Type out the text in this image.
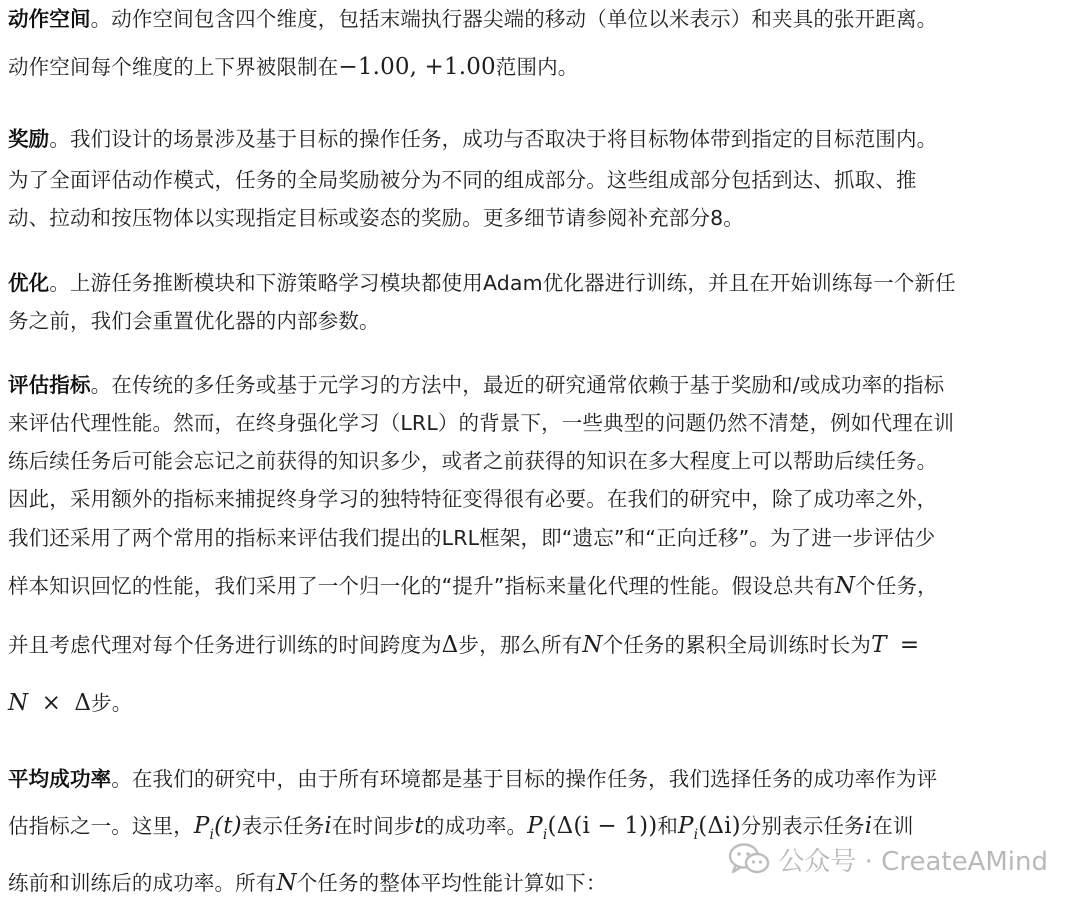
动作空间。动作空间包含四个维度，包括末端执行器尖端的移动（单位以米表示）和夹具的张开距离。
动作空间每个维度的上下界被限制在−1.00, +1.00范围内。
奖励。我们设计的场景涉及基于目标的操作任务，成功与否取决于将目标物体带到指定的目标范围内。
为了全面评估动作模式，任务的全局奖励被分为不同的组成部分。这些组成部分包括到达、抓取、推
动、拉动和按压物体以实现指定目标或姿态的奖励。更多细节请参阅补充部分8。
优化。上游任务推断模块和下游策略学习模块都使用Adam优化器进行训练，并且在开始训练每一个新任
务之前，我们会重置优化器的内部参数。
评估指标。在传统的多任务或基于元学习的方法中，最近的研究通常依赖于基于奖励和/或成功率的指标
来评估代理性能。然而，在终身强化学习（LRL）的背景下，一些典型的问题仍然不清楚，例如代理在训
练后续任务后可能会忘记之前获得的知识多少，或者之前获得的知识在多大程度上可以帮助后续任务。
因此，采用额外的指标来捕捉终身学习的独特特征变得很有必要。在我们的研究中，除了成功率之外，
我们还采用了两个常用的指标来评估我们提出的LRL框架，即“遗忘”和“正向迁移”。为了进一步评估少
样本知识回忆的性能，我们采用了一个归一化的“提升”指标来量化代理的性能。假设总共有N个任务，
并且考虑代理对每个任务进行训练的时间跨度为Δ步，那么所有N个任务的累积全局训练时长为T =
N × Δ步。
平均成功率。在我们的研究中，由于所有环境都是基于目标的操作任务，我们选择任务的成功率作为评
估指标之一。这里，$P_i(t)$表示任务i在时间步t的成功率。$P_i(\Delta(i - 1))$和$P_i(\Delta i)$分别表示任务i在训
练前和训练后的成功率。所有N个任务的整体平均性能计算如下：
公众号 · CreateAMind
